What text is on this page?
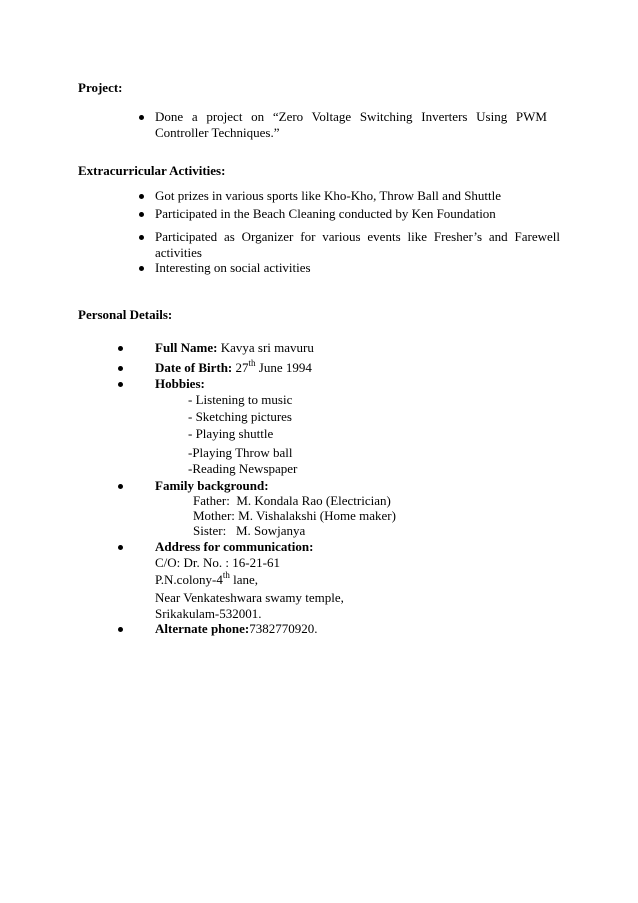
Project:
Done a project on “Zero Voltage Switching Inverters Using PWM
Controller Techniques.”
Extracurricular Activities:
Got prizes in various sports like Kho-Kho, Throw Ball and Shuttle
Participated in the Beach Cleaning conducted by Ken Foundation
Participated as Organizer for various events like Fresher’s and Farewell
activities
Interesting on social activities
Personal Details:
Full Name: Kavya sri mavuru
Date of Birth: 27th June 1994
Hobbies:
- Listening to music
- Sketching pictures
- Playing shuttle
-Playing Throw ball
-Reading Newspaper
Family background:
Father:  M. Kondala Rao (Electrician)
Mother: M. Vishalakshi (Home maker)
Sister:   M. Sowjanya
Address for communication:
C/O: Dr. No. : 16-21-61
P.N.colony-4th lane,
Near Venkateshwara swamy temple,
Srikakulam-532001.
Alternate phone:7382770920.
